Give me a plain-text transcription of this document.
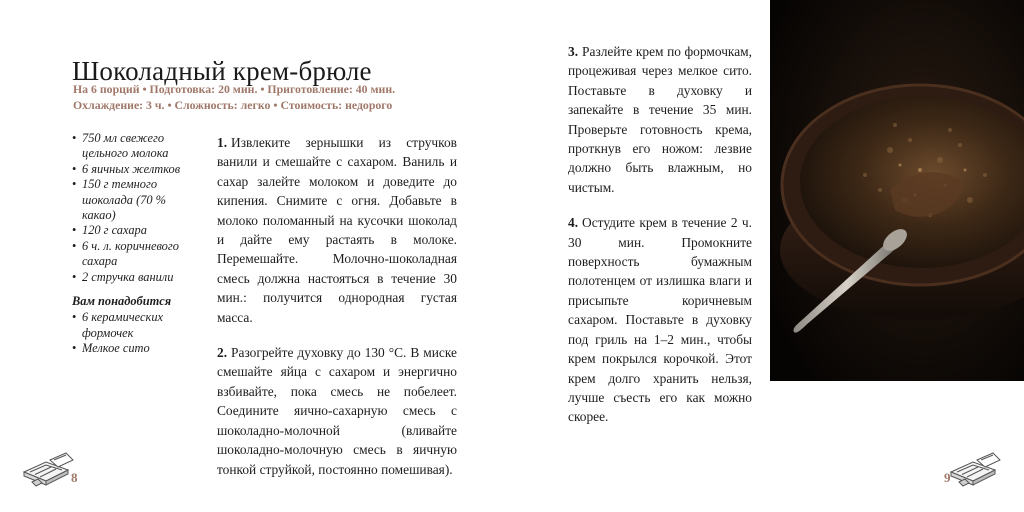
Шоколадный крем-брюле
На 6 порций • Подготовка: 20 мин. • Приготовление: 40 мин.
Охлаждение: 3 ч. • Сложность: легко • Стоимость: недорого
• 750 мл свежего цельного молока
• 6 яичных желтков
• 150 г темного шоколада (70 % какао)
• 120 г сахара
• 6 ч. л. коричневого сахара
• 2 стручка ванили
Вам понадобится
• 6 керамических формочек
• Мелкое сито

1. Извлеките зернышки из стручков ванили и смешайте с сахаром. Ваниль и сахар залейте молоком и доведите до кипения. Снимите с огня. Добавьте в молоко поломанный на кусочки шоколад и дайте ему растаять в молоке. Перемешайте. Молочно-шоколадная смесь должна настояться в течение 30 мин.: получится однородная густая масса.

2. Разогрейте духовку до 130 °С. В миске смешайте яйца с сахаром и энергично взбивайте, пока смесь не побелеет. Соедините яично-сахарную смесь с шоколадно-молочной (вливайте шоколадно-молочную смесь в яичную тонкой струйкой, постоянно помешивая).

8

3. Разлейте крем по формочкам, процеживая через мелкое сито. Поставьте в духовку и запекайте в течение 35 мин. Проверьте готовность крема, проткнув его ножом: лезвие должно быть влажным, но чистым.

4. Остудите крем в течение 2 ч. 30 мин. Промокните поверхность бумажным полотенцем от излишка влаги и присыпьте коричневым сахаром. Поставьте в духовку под гриль на 1–2 мин., чтобы крем покрылся корочкой. Этот крем долго хранить нельзя, лучше съесть его как можно скорее.

9
